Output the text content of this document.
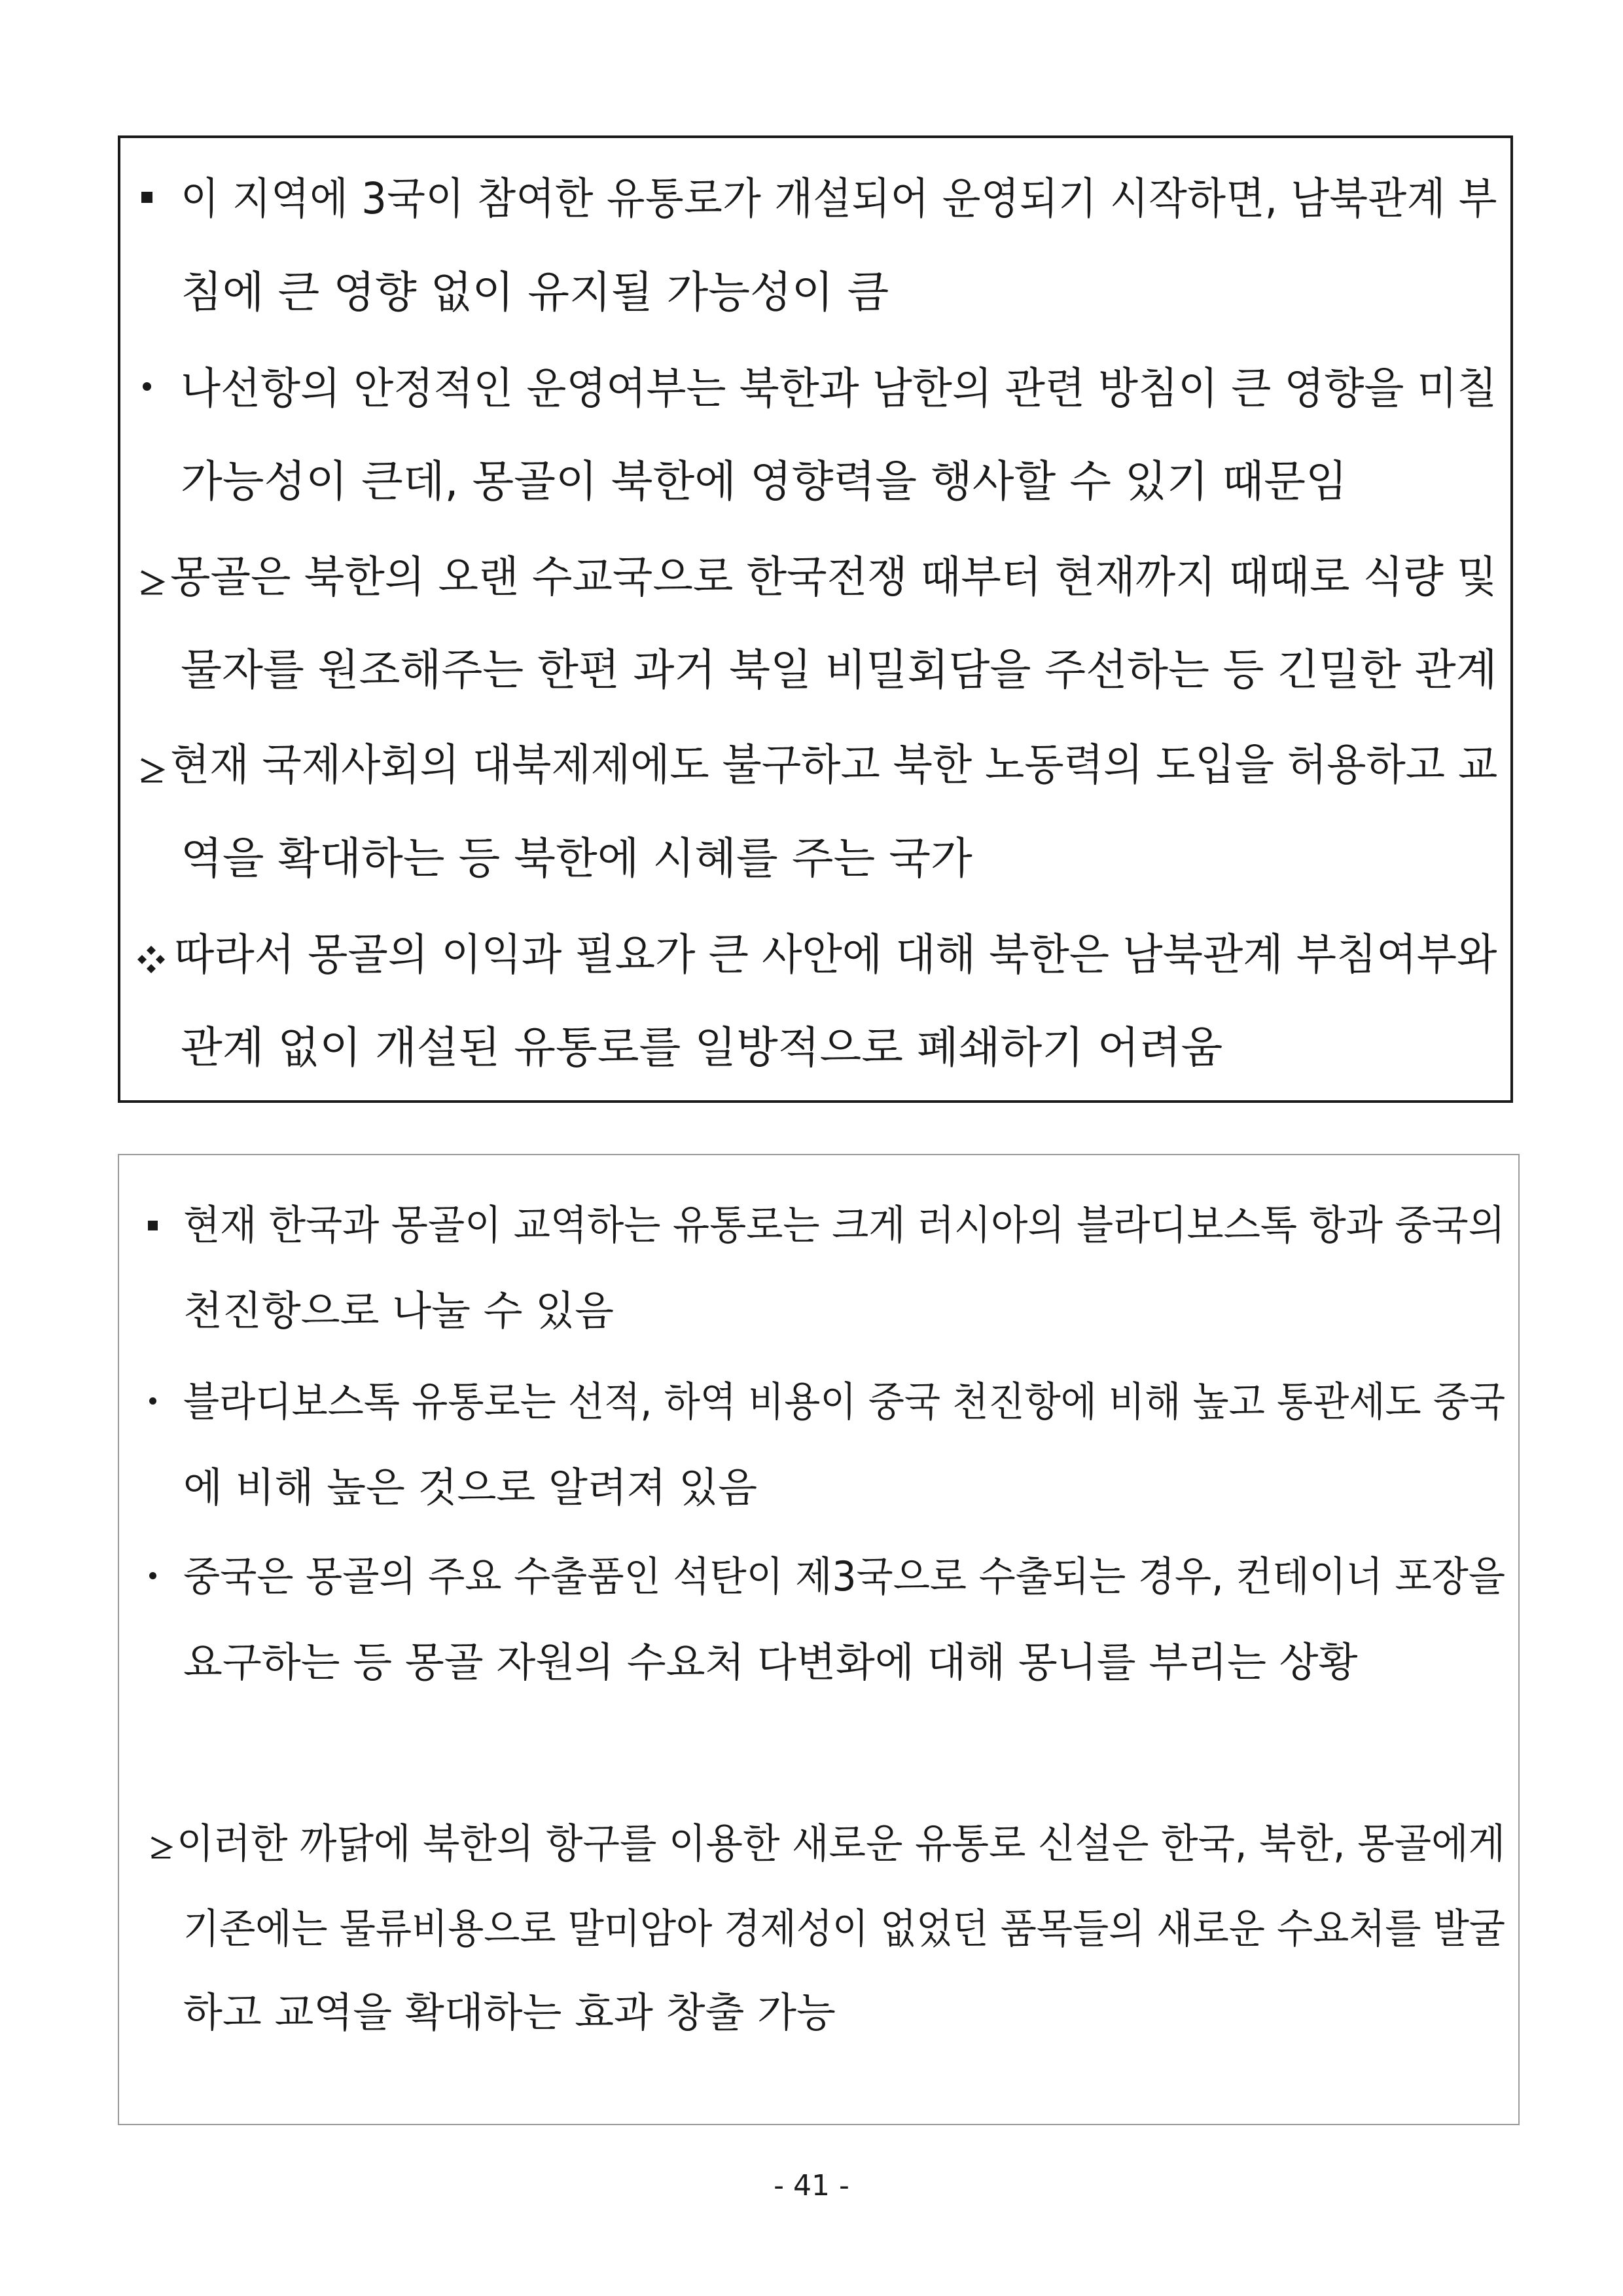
이 지역에 3국이 참여한 유통로가 개설되어 운영되기 시작하면, 남북관계 부
침에 큰 영향 없이 유지될 가능성이 큼
나선항의 안정적인 운영여부는 북한과 남한의 관련 방침이 큰 영향을 미칠
가능성이 큰데, 몽골이 북한에 영향력을 행사할 수 있기 때문임
몽골은 북한의 오랜 수교국으로 한국전쟁 때부터 현재까지 때때로 식량 및
물자를 원조해주는 한편 과거 북일 비밀회담을 주선하는 등 긴밀한 관계
현재 국제사회의 대북제제에도 불구하고 북한 노동력의 도입을 허용하고 교
역을 확대하는 등 북한에 시혜를 주는 국가
따라서 몽골의 이익과 필요가 큰 사안에 대해 북한은 남북관계 부침여부와
관계 없이 개설된 유통로를 일방적으로 폐쇄하기 어려움
현재 한국과 몽골이 교역하는 유통로는 크게 러시아의 블라디보스톡 항과 중국의
천진항으로 나눌 수 있음
블라디보스톡 유통로는 선적, 하역 비용이 중국 천진항에 비해 높고 통관세도 중국
에 비해 높은 것으로 알려져 있음
중국은 몽골의 주요 수출품인 석탄이 제3국으로 수출되는 경우, 컨테이너 포장을
요구하는 등 몽골 자원의 수요처 다변화에 대해 몽니를 부리는 상황
이러한 까닭에 북한의 항구를 이용한 새로운 유통로 신설은 한국, 북한, 몽골에게
기존에는 물류비용으로 말미암아 경제성이 없었던 품목들의 새로운 수요처를 발굴
하고 교역을 확대하는 효과 창출 가능
- 41 -
